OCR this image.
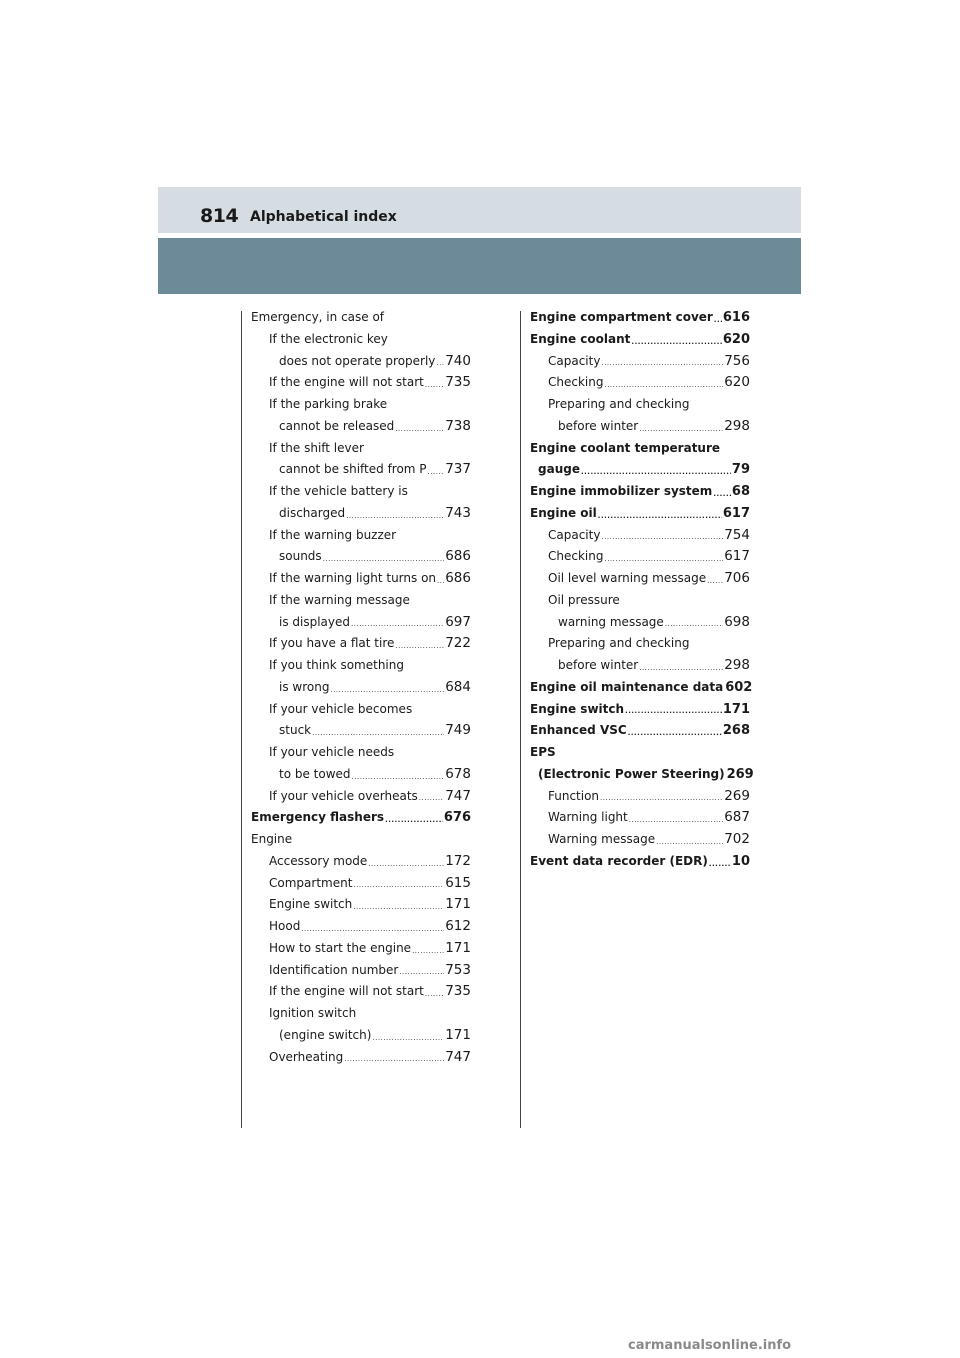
814 Alphabetical index
Emergency, in case of
If the electronic key
does not operate properly ..... 740
If the engine will not start ..... 735
If the parking brake
cannot be released .....	738
If the shift lever
cannot be shifted from P ..... 737
If the vehicle battery is
discharged .....	743
If the warning buzzer
sounds .....	686
If the warning light turns on ..... 686
If the warning message
is displayed .....	697
If you have a flat tire .....	722
If you think something
is wrong .....	684
If your vehicle becomes
stuck .....	749
If your vehicle needs
to be towed .....	678
If your vehicle overheats ..... 747
Emergency flashers .....	676
Engine
Accessory mode .....	172
Compartment .....	615
Engine switch .....	171
Hood .....	612
How to start the engine .....	171
Identification number .....	753
If the engine will not start ..... 735
Ignition switch
(engine switch) .....	171
Overheating .....	747
Engine compartment cover ..... 616
Engine coolant .....	620
Capacity .....	756
Checking .....	620
Preparing and checking
before winter .....	298
Engine coolant temperature
gauge .....	79
Engine immobilizer system ..... 68
Engine oil .....	617
Capacity .....	754
Checking .....	617
Oil level warning message ..... 706
Oil pressure
warning message .....	698
Preparing and checking
before winter .....	298
Engine oil maintenance data 602
Engine switch .....	171
Enhanced VSC .....	268
EPS
(Electronic Power Steering) 269
Function .....	269
Warning light .....	687
Warning message .....	702
Event data recorder (EDR) ..... 10
carmanualsonline.info
